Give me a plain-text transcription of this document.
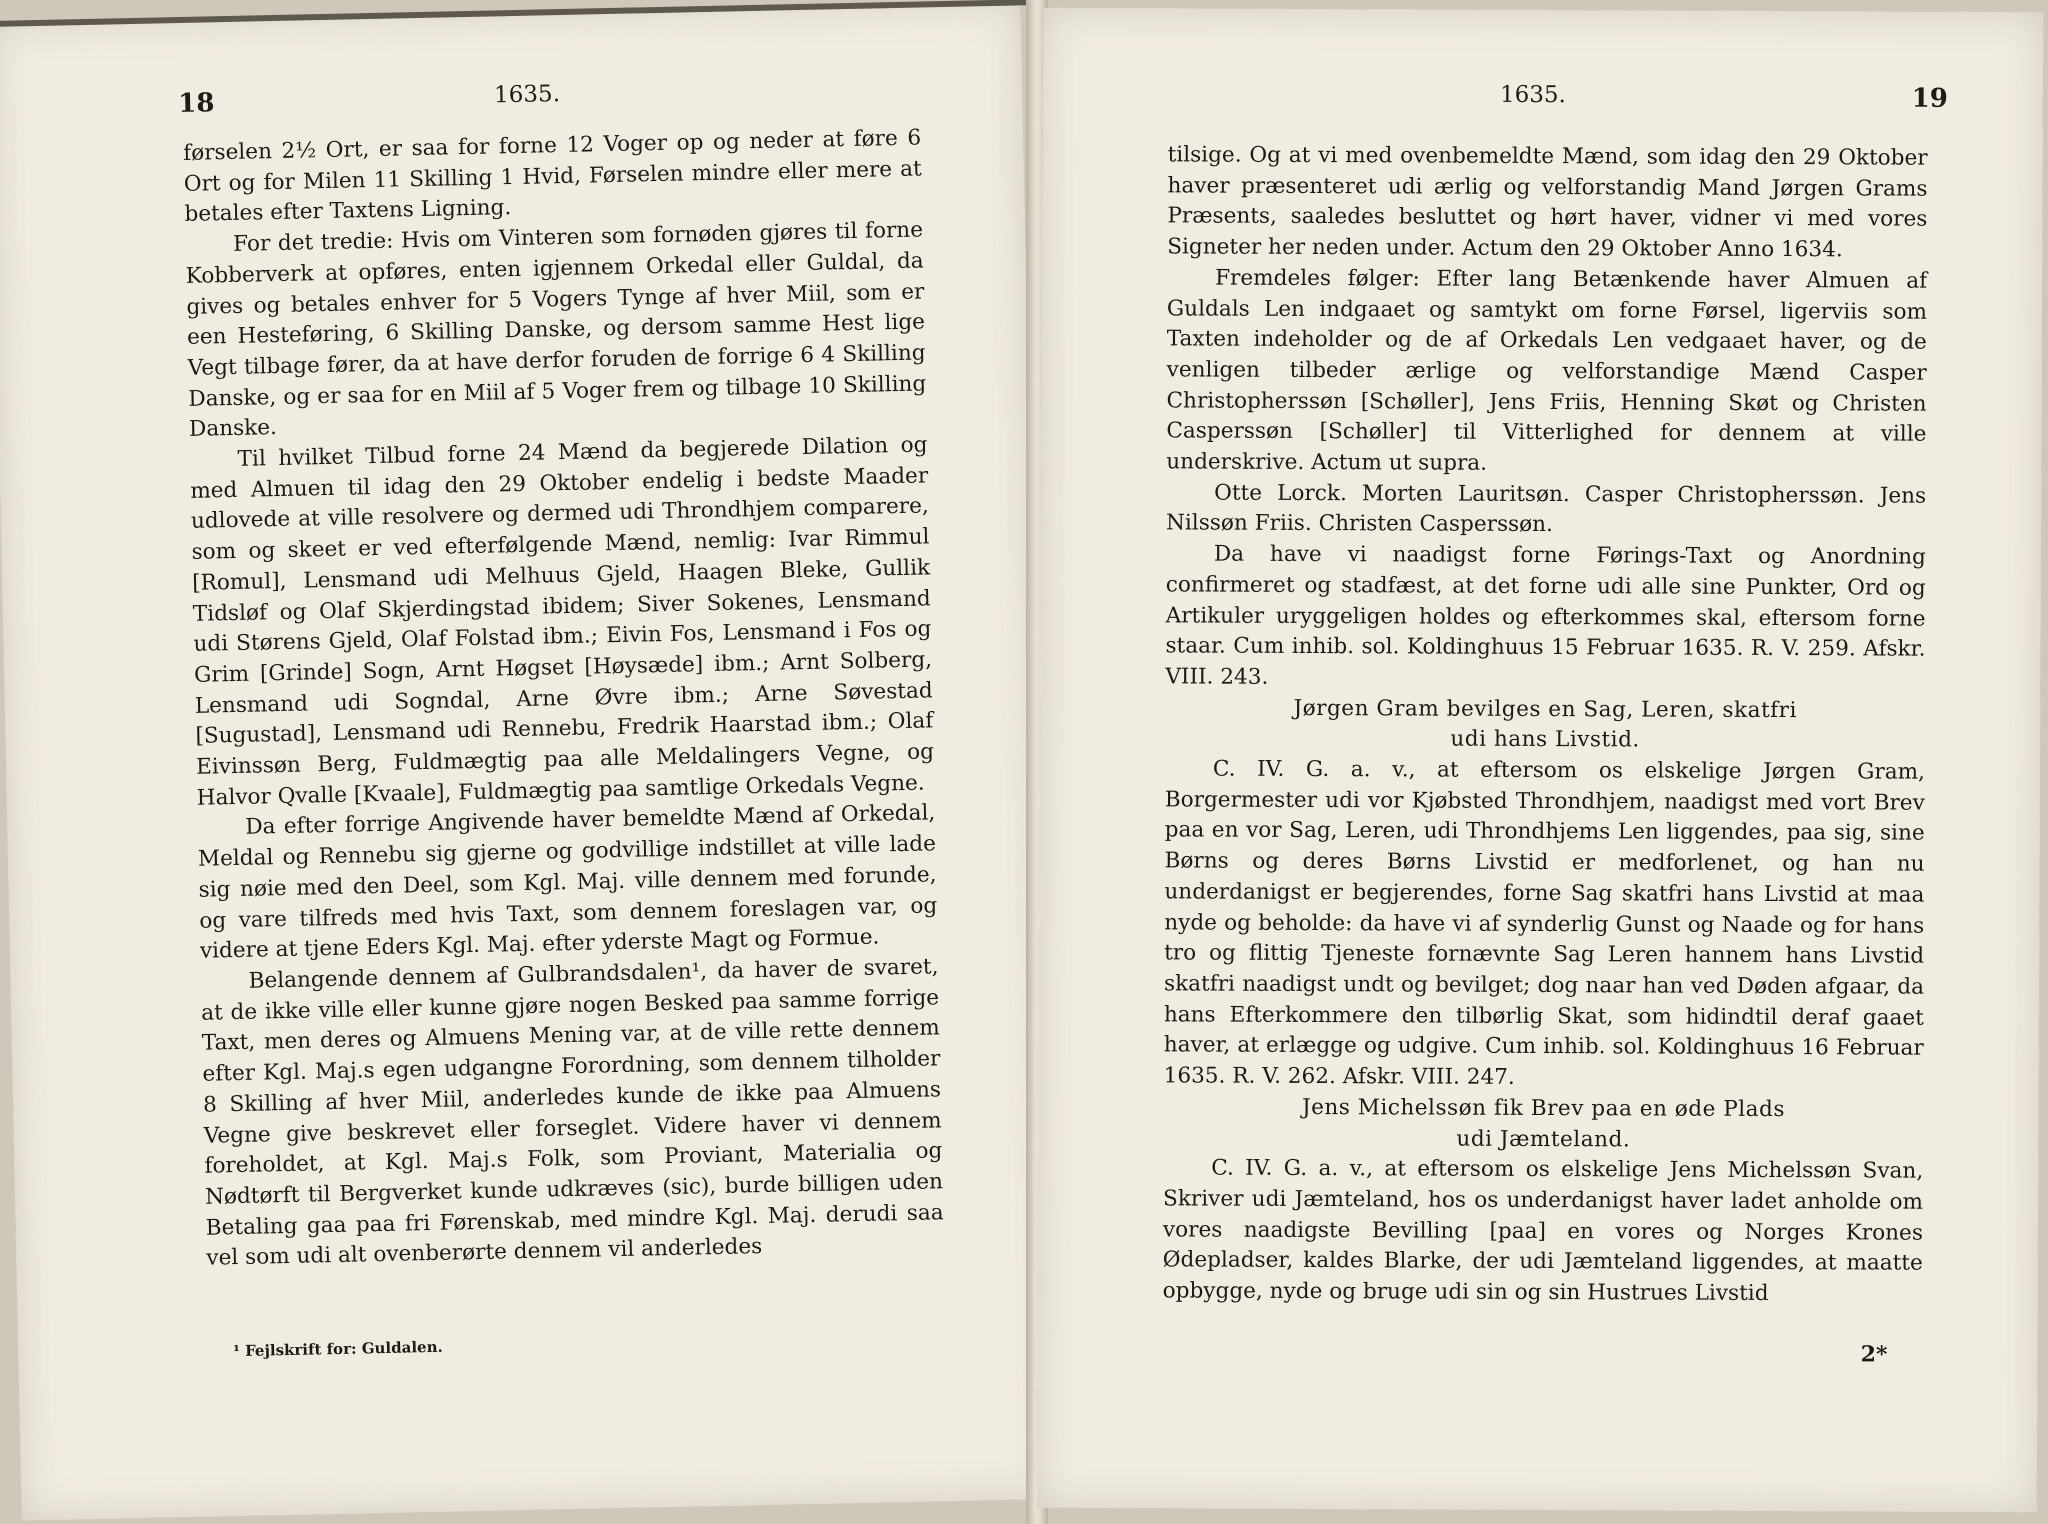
18	1635.

førselen 2½ Ort, er saa for forne 12 Voger op og neder at føre 6 Ort og for Milen 11 Skilling 1 Hvid, Førselen mindre eller mere at betales efter Taxtens Ligning.

For det tredie: Hvis om Vinteren som fornøden gjøres til forne Kobberverk at opføres, enten igjennem Orkedal eller Guldal, da gives og betales enhver for 5 Vogers Tynge af hver Miil, som er een Hesteføring, 6 Skilling Danske, og dersom samme Hest lige Vegt tilbage fører, da at have derfor foruden de forrige 6 4 Skilling Danske, og er saa for en Miil af 5 Voger frem og tilbage 10 Skilling Danske.

Til hvilket Tilbud forne 24 Mænd da begjerede Dilation og med Almuen til idag den 29 Oktober endelig i bedste Maader udlovede at ville resolvere og dermed udi Throndhjem comparere, som og skeet er ved efterfølgende Mænd, nemlig: Ivar Rimmul [Romul], Lensmand udi Melhuus Gjeld, Haagen Bleke, Gullik Tidsløf og Olaf Skjerdingstad ibidem; Siver Sokenes, Lensmand udi Størens Gjeld, Olaf Folstad ibm.; Eivin Fos, Lensmand i Fos og Grim [Grinde] Sogn, Arnt Høgset [Høysæde] ibm.; Arnt Solberg, Lensmand udi Sogndal, Arne Øvre ibm.; Arne Søvestad [Sugustad], Lensmand udi Rennebu, Fredrik Haarstad ibm.; Olaf Eivinssøn Berg, Fuldmægtig paa alle Meldalingers Vegne, og Halvor Qvalle [Kvaale], Fuldmægtig paa samtlige Orkedals Vegne.

Da efter forrige Angivende haver bemeldte Mænd af Orkedal, Meldal og Rennebu sig gjerne og godvillige indstillet at ville lade sig nøie med den Deel, som Kgl. Maj. ville dennem med forunde, og vare tilfreds med hvis Taxt, som dennem foreslagen var, og videre at tjene Eders Kgl. Maj. efter yderste Magt og Formue.

Belangende dennem af Gulbrandsdalen¹, da haver de svaret, at de ikke ville eller kunne gjøre nogen Besked paa samme forrige Taxt, men deres og Almuens Mening var, at de ville rette dennem efter Kgl. Maj.s egen udgangne Forordning, som dennem tilholder 8 Skilling af hver Miil, anderledes kunde de ikke paa Almuens Vegne give beskrevet eller forseglet. Videre haver vi dennem foreholdet, at Kgl. Maj.s Folk, som Proviant, Materialia og Nødtørft til Bergverket kunde udkræves (sic), burde billigen uden Betaling gaa paa fri Førenskab, med mindre Kgl. Maj. derudi saa vel som udi alt ovenberørte dennem vil anderledes

¹ Fejlskrift for: Guldalen.
1635.	19

tilsige. Og at vi med ovenbemeldte Mænd, som idag den 29 Oktober haver præsenteret udi ærlig og velforstandig Mand Jørgen Grams Præsents, saaledes besluttet og hørt haver, vidner vi med vores Signeter her neden under. Actum den 29 Oktober Anno 1634.

Fremdeles følger: Efter lang Betænkende haver Almuen af Guldals Len indgaaet og samtykt om forne Førsel, ligerviis som Taxten indeholder og de af Orkedals Len vedgaaet haver, og de venligen tilbeder ærlige og velforstandige Mænd Casper Christopherssøn [Schøller], Jens Friis, Henning Skøt og Christen Casperssøn [Schøller] til Vitterlighed for dennem at ville underskrive. Actum ut supra.

Otte Lorck. Morten Lauritsøn. Casper Christopherssøn. Jens Nilssøn Friis. Christen Casperssøn.

Da have vi naadigst forne Førings-Taxt og Anordning confirmeret og stadfæst, at det forne udi alle sine Punkter, Ord og Artikuler uryggeligen holdes og efterkommes skal, eftersom forne staar. Cum inhib. sol. Koldinghuus 15 Februar 1635. R. V. 259. Afskr. VIII. 243.

Jørgen Gram bevilges en Sag, Leren, skatfri

udi hans Livstid.

C. IV. G. a. v., at eftersom os elskelige Jørgen Gram, Borgermester udi vor Kjøbsted Throndhjem, naadigst med vort Brev paa en vor Sag, Leren, udi Throndhjems Len liggendes, paa sig, sine Børns og deres Børns Livstid er medforlenet, og han nu underdanigst er begjerendes, forne Sag skatfri hans Livstid at maa nyde og beholde: da have vi af synderlig Gunst og Naade og for hans tro og flittig Tjeneste fornævnte Sag Leren hannem hans Livstid skatfri naadigst undt og bevilget; dog naar han ved Døden afgaar, da hans Efterkommere den tilbørlig Skat, som hidindtil deraf gaaet haver, at erlægge og udgive. Cum inhib. sol. Koldinghuus 16 Februar 1635. R. V. 262. Afskr. VIII. 247.

Jens Michelssøn fik Brev paa en øde Plads

udi Jæmteland.

C. IV. G. a. v., at eftersom os elskelige Jens Michelssøn Svan, Skriver udi Jæmteland, hos os underdanigst haver ladet anholde om vores naadigste Bevilling [paa] en vores og Norges Krones Ødepladser, kaldes Blarke, der udi Jæmteland liggendes, at maatte opbygge, nyde og bruge udi sin og sin Hustrues Livstid

2*
